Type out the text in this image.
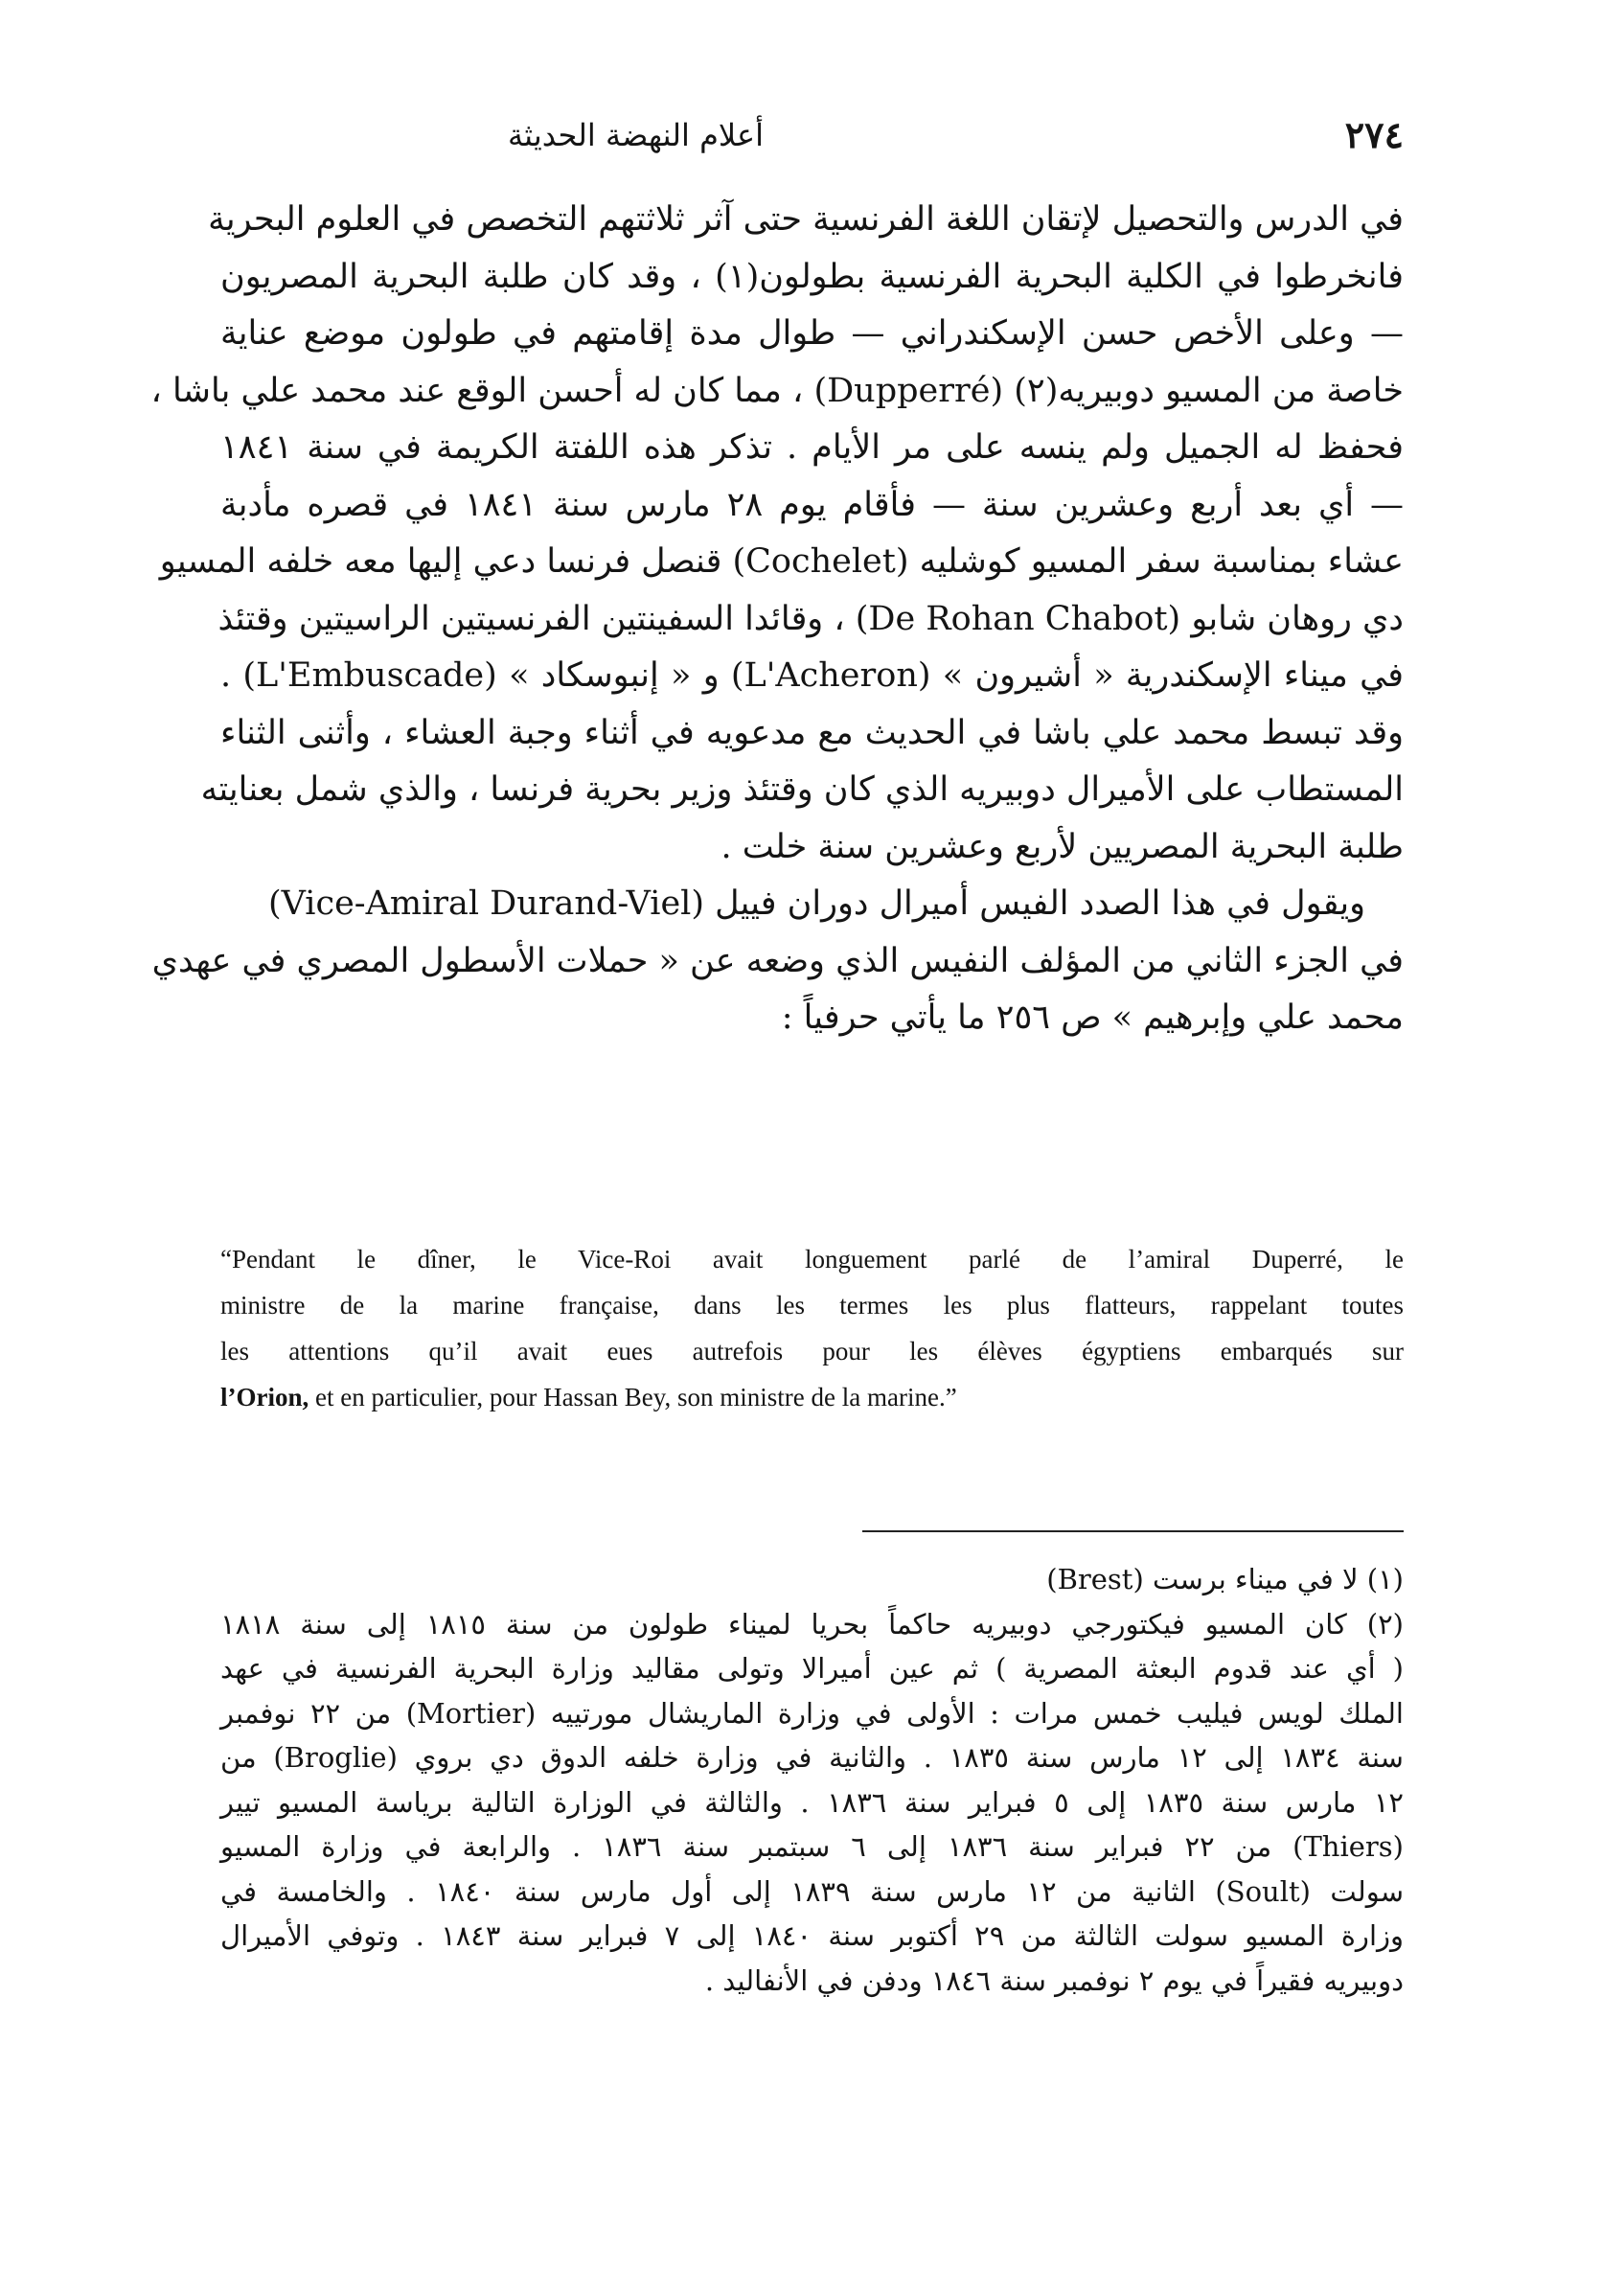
٢٧٤
أعلام النهضة الحديثة
في الدرس والتحصيل لإتقان اللغة الفرنسية حتى آثر ثلاثتهم التخصص في العلوم البحرية
فانخرطوا في الكلية البحرية الفرنسية بطولون(١) ، وقد كان طلبة البحرية المصريون
— وعلى الأخص حسن الإسكندراني — طوال مدة إقامتهم في طولون موضع عناية
خاصة من المسيو دوبيريه(٢) (Dupperré) ، مما كان له أحسن الوقع عند محمد علي باشا ،
فحفظ له الجميل ولم ينسه على مر الأيام . تذكر هذه اللفتة الكريمة في سنة ١٨٤١
— أي بعد أربع وعشرين سنة — فأقام يوم ٢٨ مارس سنة ١٨٤١ في قصره مأدبة
عشاء بمناسبة سفر المسيو كوشليه (Cochelet) قنصل فرنسا دعي إليها معه خلفه المسيو
دي روهان شابو (De Rohan Chabot) ، وقائدا السفينتين الفرنسيتين الراسيتين وقتئذ
في ميناء الإسكندرية « أشيرون » (L'Acheron) و « إنبوسكاد » (L'Embuscade) .
وقد تبسط محمد علي باشا في الحديث مع مدعويه في أثناء وجبة العشاء ، وأثنى الثناء
المستطاب على الأميرال دوبيريه الذي كان وقتئذ وزير بحرية فرنسا ، والذي شمل بعنايته
طلبة البحرية المصريين لأربع وعشرين سنة خلت .
ويقول في هذا الصدد الفيس أميرال دوران فييل (Vice-Amiral Durand-Viel)
في الجزء الثاني من المؤلف النفيس الذي وضعه عن « حملات الأسطول المصري في عهدي
محمد علي وإبرهيم » ص ٢٥٦ ما يأتي حرفياً :
“Pendant le dîner, le Vice-Roi avait longuement parlé de l’amiral Duperré, le
ministre de la marine française, dans les termes les plus flatteurs, rappelant toutes
les attentions qu’il avait eues autrefois pour les élèves égyptiens embarqués sur
l’Orion, et en particulier, pour Hassan Bey, son ministre de la marine.”
(١) لا في ميناء برست (Brest)
(٢) كان المسيو فيكتورجي دوبيريه حاكماً بحريا لميناء طولون من سنة ١٨١٥ إلى سنة ١٨١٨
( أي عند قدوم البعثة المصرية ) ثم عين أميرالا وتولى مقاليد وزارة البحرية الفرنسية في عهد
الملك لويس فيليب خمس مرات : الأولى في وزارة الماريشال مورتييه (Mortier) من ٢٢ نوفمبر
سنة ١٨٣٤ إلى ١٢ مارس سنة ١٨٣٥ . والثانية في وزارة خلفه الدوق دي بروي (Broglie) من
١٢ مارس سنة ١٨٣٥ إلى ٥ فبراير سنة ١٨٣٦ . والثالثة في الوزارة التالية برياسة المسيو تيير
(Thiers) من ٢٢ فبراير سنة ١٨٣٦ إلى ٦ سبتمبر سنة ١٨٣٦ . والرابعة في وزارة المسيو
سولت (Soult) الثانية من ١٢ مارس سنة ١٨٣٩ إلى أول مارس سنة ١٨٤٠ . والخامسة في
وزارة المسيو سولت الثالثة من ٢٩ أكتوبر سنة ١٨٤٠ إلى ٧ فبراير سنة ١٨٤٣ . وتوفي الأميرال
دوبيريه فقيراً في يوم ٢ نوفمبر سنة ١٨٤٦ ودفن في الأنفاليد .
